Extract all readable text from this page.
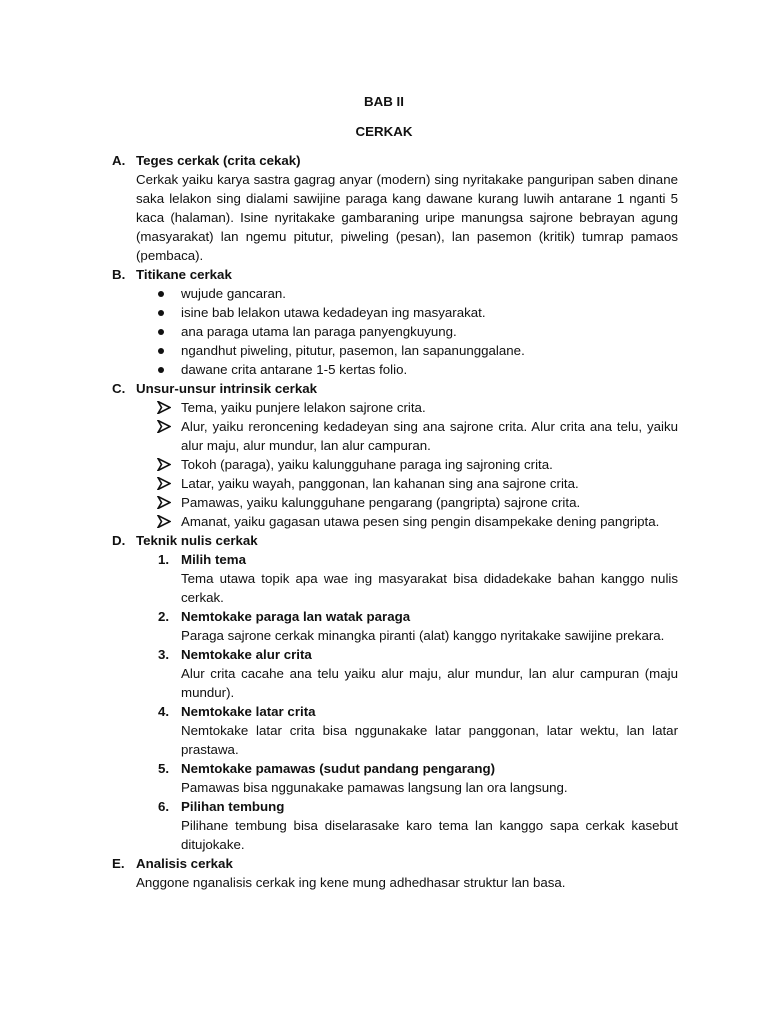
BAB II
CERKAK
A. Teges cerkak (crita cekak)
Cerkak yaiku karya sastra gagrag anyar (modern) sing nyritakake panguripan saben dinane saka lelakon sing dialami sawijine paraga kang dawane kurang luwih antarane 1 nganti 5 kaca (halaman). Isine nyritakake gambaraning uripe manungsa sajrone bebrayan agung (masyarakat) lan ngemu pitutur, piweling (pesan), lan pasemon (kritik) tumrap pamaos (pembaca).
B. Titikane cerkak
wujude gancaran.
isine bab lelakon utawa kedadeyan ing masyarakat.
ana paraga utama lan paraga panyengkuyung.
ngandhut piweling, pitutur, pasemon, lan sapanunggalane.
dawane crita antarane 1-5 kertas folio.
C. Unsur-unsur intrinsik cerkak
Tema, yaiku punjere lelakon sajrone crita.
Alur, yaiku reroncening kedadeyan sing ana sajrone crita. Alur crita ana telu, yaiku alur maju, alur mundur, lan alur campuran.
Tokoh (paraga), yaiku kalungguhane paraga ing sajroning crita.
Latar, yaiku wayah, panggonan, lan kahanan sing ana sajrone crita.
Pamawas, yaiku kalungguhane pengarang (pangripta) sajrone crita.
Amanat, yaiku gagasan utawa pesen sing pengin disampekake dening pangripta.
D. Teknik nulis cerkak
1. Milih tema
Tema utawa topik apa wae ing masyarakat bisa didadekake bahan kanggo nulis cerkak.
2. Nemtokake paraga lan watak paraga
Paraga sajrone cerkak minangka piranti (alat) kanggo nyritakake sawijine prekara.
3. Nemtokake alur crita
Alur crita cacahe ana telu yaiku alur maju, alur mundur, lan alur campuran (maju mundur).
4. Nemtokake latar crita
Nemtokake latar crita bisa nggunakake latar panggonan, latar wektu, lan latar prastawa.
5. Nemtokake pamawas (sudut pandang pengarang)
Pamawas bisa nggunakake pamawas langsung lan ora langsung.
6. Pilihan tembung
Pilihane tembung bisa diselarasake karo tema lan kanggo sapa cerkak kasebut ditujokake.
E. Analisis cerkak
Anggone nganalisis cerkak ing kene mung adhedhasar struktur lan basa.
